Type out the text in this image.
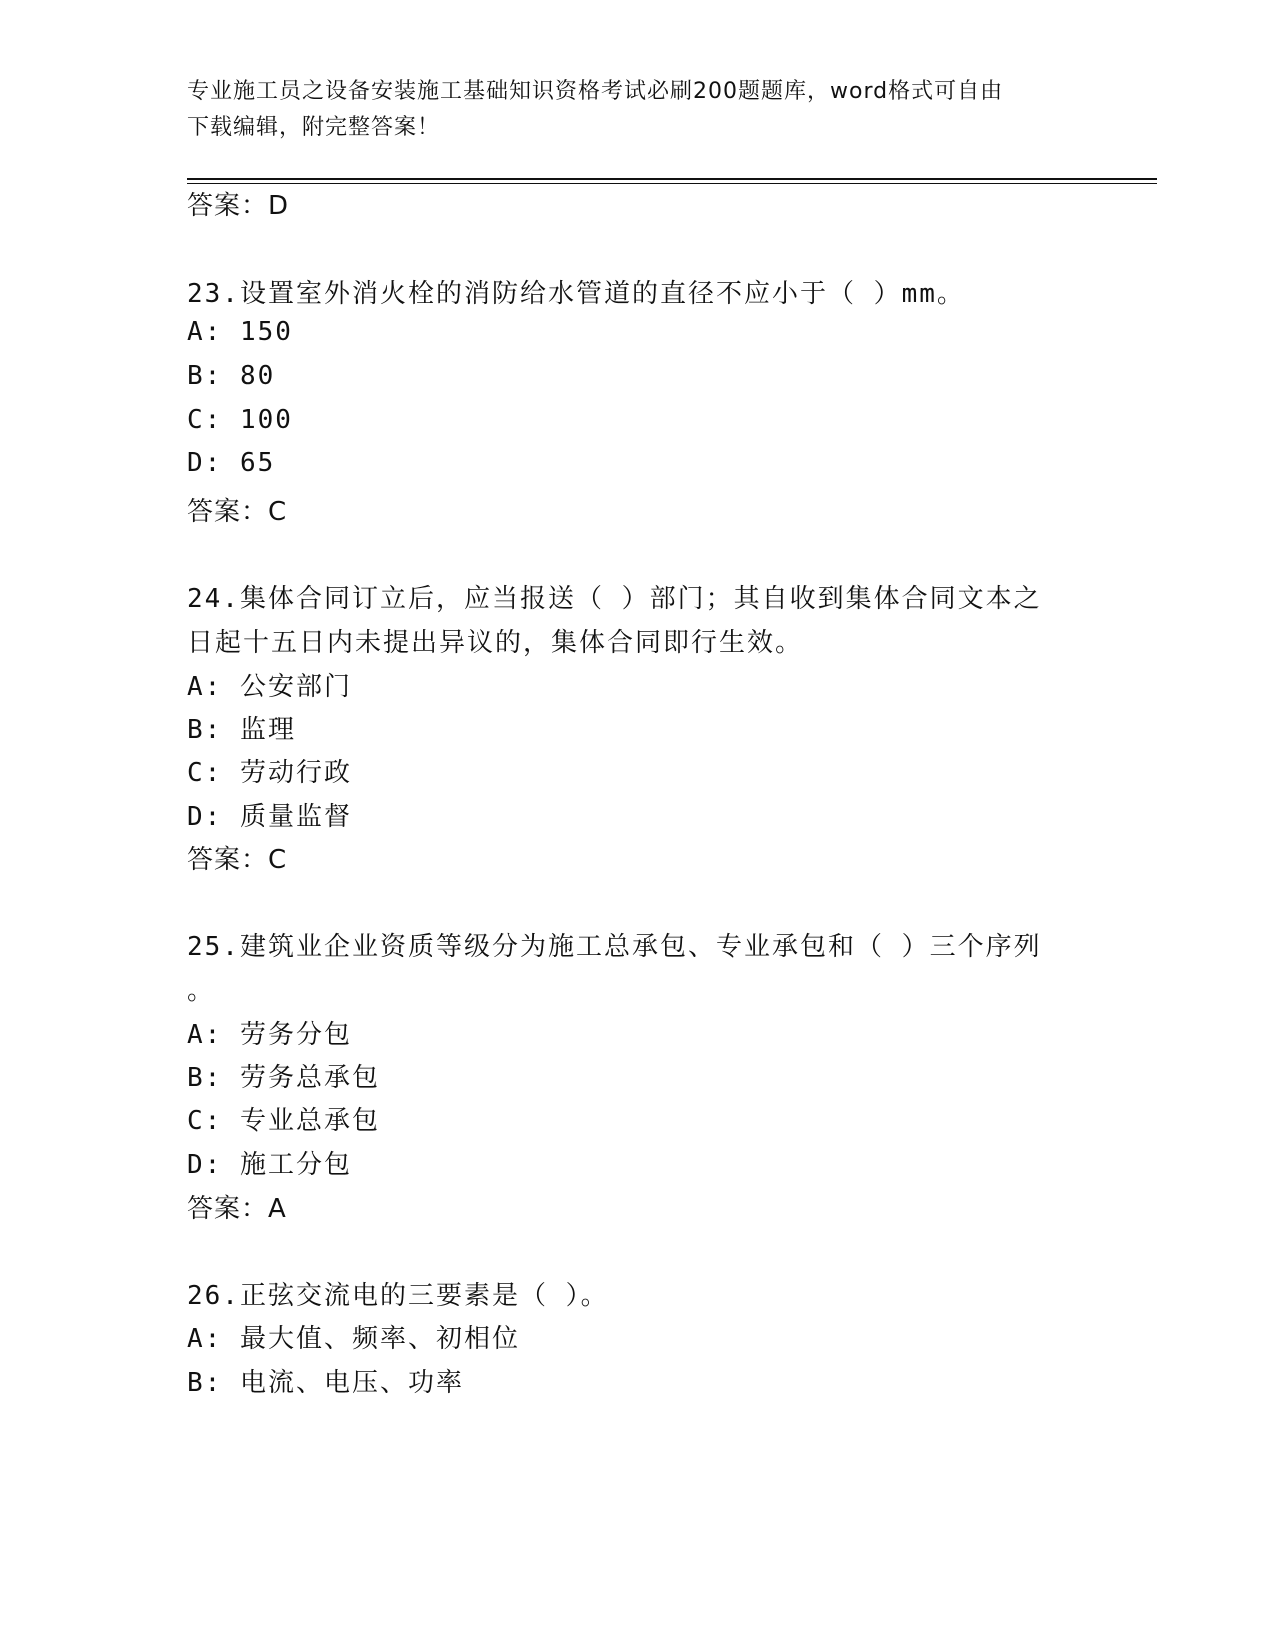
专业施工员之设备安装施工基础知识资格考试必刷200题题库，word格式可自由
下载编辑，附完整答案！
答案：D
23.设置室外消火栓的消防给水管道的直径不应小于（ ）mm。
A: 150
B: 80
C: 100
D: 65
答案：C
24.集体合同订立后，应当报送（ ）部门；其自收到集体合同文本之
日起十五日内未提出异议的，集体合同即行生效。
A: 公安部门
B: 监理
C: 劳动行政
D: 质量监督
答案：C
25.建筑业企业资质等级分为施工总承包、专业承包和（ ）三个序列
。
A: 劳务分包
B: 劳务总承包
C: 专业总承包
D: 施工分包
答案：A
26.正弦交流电的三要素是（ ）。
A: 最大值、频率、初相位
B: 电流、电压、功率
